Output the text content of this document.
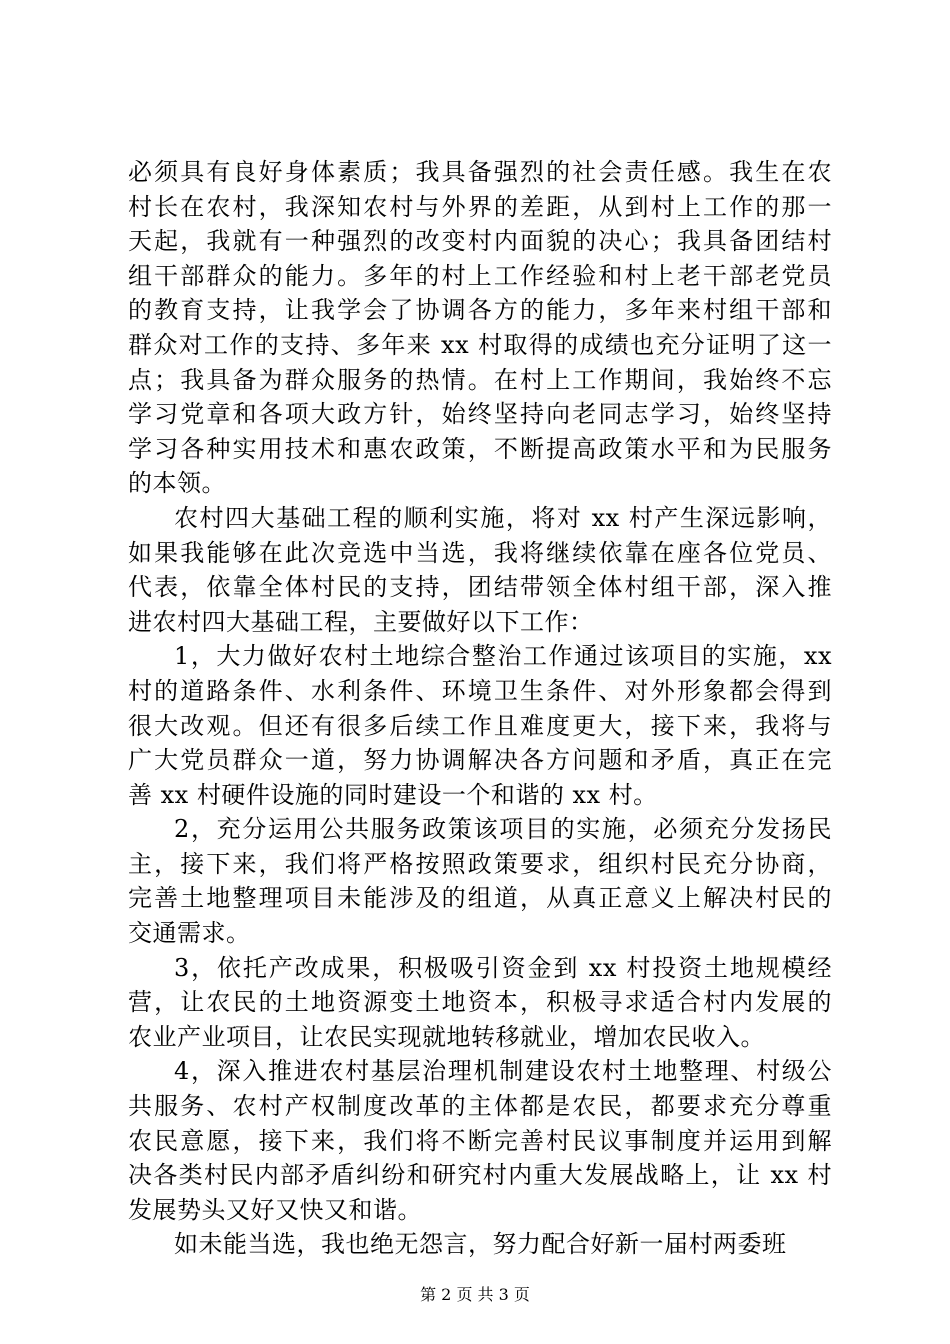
必须具有良好身体素质；我具备强烈的社会责任感。我生在农
村长在农村，我深知农村与外界的差距，从到村上工作的那一
天起，我就有一种强烈的改变村内面貌的决心；我具备团结村
组干部群众的能力。多年的村上工作经验和村上老干部老党员
的教育支持，让我学会了协调各方的能力，多年来村组干部和
群众对工作的支持、多年来 xx 村取得的成绩也充分证明了这一
点；我具备为群众服务的热情。在村上工作期间，我始终不忘
学习党章和各项大政方针，始终坚持向老同志学习，始终坚持
学习各种实用技术和惠农政策，不断提高政策水平和为民服务
的本领。
农村四大基础工程的顺利实施，将对 xx 村产生深远影响，
如果我能够在此次竞选中当选，我将继续依靠在座各位党员、
代表，依靠全体村民的支持，团结带领全体村组干部，深入推
进农村四大基础工程，主要做好以下工作：
1，大力做好农村土地综合整治工作通过该项目的实施，xx
村的道路条件、水利条件、环境卫生条件、对外形象都会得到
很大改观。但还有很多后续工作且难度更大，接下来，我将与
广大党员群众一道，努力协调解决各方问题和矛盾，真正在完
善 xx 村硬件设施的同时建设一个和谐的 xx 村。
2，充分运用公共服务政策该项目的实施，必须充分发扬民
主，接下来，我们将严格按照政策要求，组织村民充分协商，
完善土地整理项目未能涉及的组道，从真正意义上解决村民的
交通需求。
3，依托产改成果，积极吸引资金到 xx 村投资土地规模经
营，让农民的土地资源变土地资本，积极寻求适合村内发展的
农业产业项目，让农民实现就地转移就业，增加农民收入。
4，深入推进农村基层治理机制建设农村土地整理、村级公
共服务、农村产权制度改革的主体都是农民，都要求充分尊重
农民意愿，接下来，我们将不断完善村民议事制度并运用到解
决各类村民内部矛盾纠纷和研究村内重大发展战略上，让 xx 村
发展势头又好又快又和谐。
如未能当选，我也绝无怨言，努力配合好新一届村两委班
第 2 页 共 3 页
